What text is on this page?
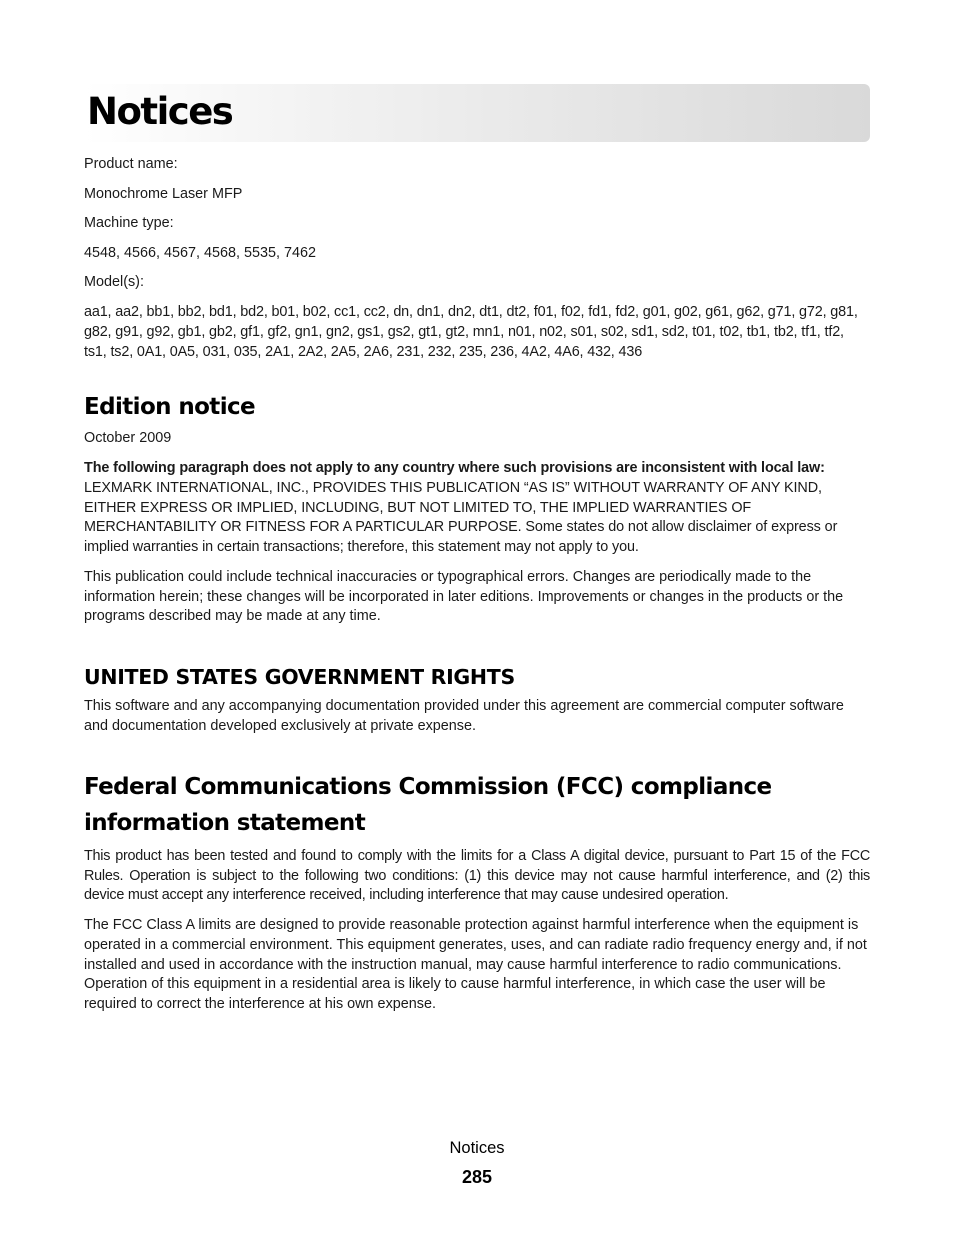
Notices

Product name:

Monochrome Laser MFP

Machine type:

4548, 4566, 4567, 4568, 5535, 7462

Model(s):

aa1, aa2, bb1, bb2, bd1, bd2, b01, b02, cc1, cc2, dn, dn1, dn2, dt1, dt2, f01, f02, fd1, fd2, g01, g02, g61, g62, g71, g72, g81, g82, g91, g92, gb1, gb2, gf1, gf2, gn1, gn2, gs1, gs2, gt1, gt2, mn1, n01, n02, s01, s02, sd1, sd2, t01, t02, tb1, tb2, tf1, tf2, ts1, ts2, 0A1, 0A5, 031, 035, 2A1, 2A2, 2A5, 2A6, 231, 232, 235, 236, 4A2, 4A6, 432, 436

Edition notice

October 2009

The following paragraph does not apply to any country where such provisions are inconsistent with local law: LEXMARK INTERNATIONAL, INC., PROVIDES THIS PUBLICATION “AS IS” WITHOUT WARRANTY OF ANY KIND, EITHER EXPRESS OR IMPLIED, INCLUDING, BUT NOT LIMITED TO, THE IMPLIED WARRANTIES OF MERCHANTABILITY OR FITNESS FOR A PARTICULAR PURPOSE. Some states do not allow disclaimer of express or implied warranties in certain transactions; therefore, this statement may not apply to you.

This publication could include technical inaccuracies or typographical errors. Changes are periodically made to the information herein; these changes will be incorporated in later editions. Improvements or changes in the products or the programs described may be made at any time.

UNITED STATES GOVERNMENT RIGHTS

This software and any accompanying documentation provided under this agreement are commercial computer software and documentation developed exclusively at private expense.

Federal Communications Commission (FCC) compliance information statement

This product has been tested and found to comply with the limits for a Class A digital device, pursuant to Part 15 of the FCC Rules. Operation is subject to the following two conditions: (1) this device may not cause harmful interference, and (2) this device must accept any interference received, including interference that may cause undesired operation.

The FCC Class A limits are designed to provide reasonable protection against harmful interference when the equipment is operated in a commercial environment. This equipment generates, uses, and can radiate radio frequency energy and, if not installed and used in accordance with the instruction manual, may cause harmful interference to radio communications. Operation of this equipment in a residential area is likely to cause harmful interference, in which case the user will be required to correct the interference at his own expense.

Notices
285
